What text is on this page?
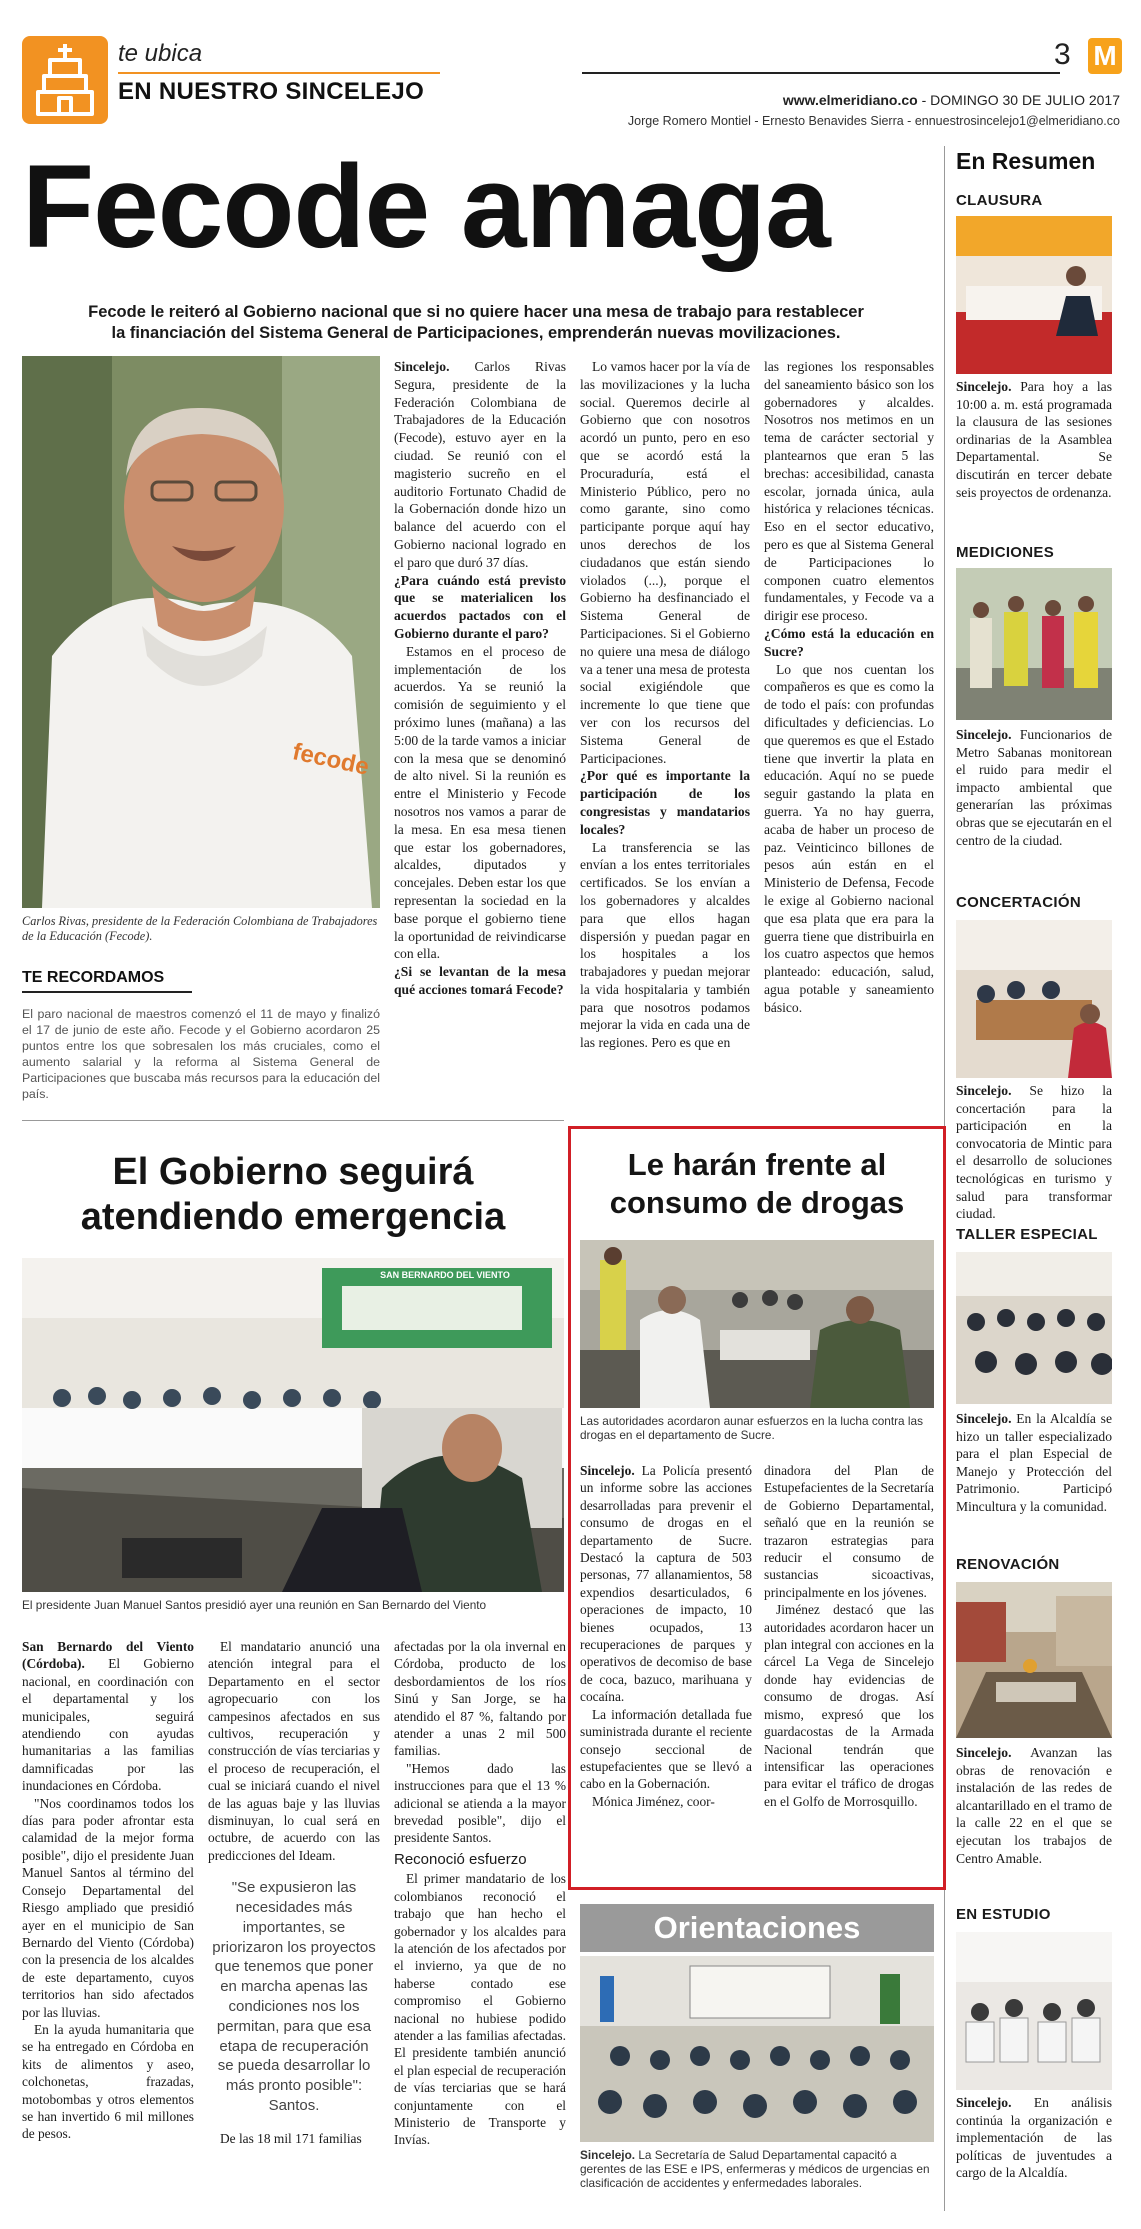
te ubica
EN NUESTRO SINCELEJO
3 M
www.elmeridiano.co - DOMINGO 30 DE JULIO 2017
Jorge Romero Montiel - Ernesto Benavides Sierra - ennuestrosincelejo1@elmeridiano.co
Fecode amaga
Fecode le reiteró al Gobierno nacional que si no quiere hacer una mesa de trabajo para restablecer
la financiación del Sistema General de Participaciones, emprenderán nuevas movilizaciones.
fecode
Carlos Rivas, presidente de la Federación Colombiana de Trabajadores de la Educación (Fecode).
TE RECORDAMOS
El paro nacional de maestros comenzó el 11 de mayo y finalizó el 17 de junio de este año. Fecode y el Gobierno acordaron 25 puntos entre los que sobresalen los más cruciales, como el aumento salarial y la reforma al Sistema General de Participaciones que buscaba más recursos para la educación del país.

Sincelejo. Carlos Rivas Segura, presidente de la Federación Colombiana de Trabajadores de la Educación (Fecode), estuvo ayer en la ciudad. Se reunió con el magisterio sucreño en el auditorio Fortunato Chadid de la Gobernación donde hizo un balance del acuerdo con el Gobierno nacional logrado en el paro que duró 37 días.

¿Para cuándo está previsto que se materialicen los acuerdos pactados con el Gobierno durante el paro?

Estamos en el proceso de implementación de los acuerdos. Ya se reunió la comisión de seguimiento y el próximo lunes (mañana) a las 5:00 de la tarde vamos a iniciar con la mesa que se denominó de alto nivel. Si la reunión es entre el Ministerio y Fecode nosotros nos vamos a parar de la mesa. En esa mesa tienen que estar los gobernadores, alcaldes, diputados y concejales. Deben estar los que representan la sociedad en la base porque el gobierno tiene la oportunidad de reivindicarse con ella.

¿Si se levantan de la mesa qué acciones tomará Fecode?

Lo vamos hacer por la vía de las movilizaciones y la lucha social. Queremos decirle al Gobierno que con nosotros acordó un punto, pero en eso que se acordó está la Procuraduría, está el Ministerio Público, pero no como garante, sino como participante porque aquí hay unos derechos de los ciudadanos que están siendo violados (...), porque el Gobierno ha desfinanciado el Sistema General de Participaciones. Si el Gobierno no quiere una mesa de diálogo va a tener una mesa de protesta social exigiéndole que incremente lo que tiene que ver con los recursos del Sistema General de Participaciones.

¿Por qué es importante la participación de los congresistas y mandatarios locales?

La transferencia se las envían a los entes territoriales certificados. Se los envían a los gobernadores y alcaldes para que ellos hagan dispersión y puedan pagar en los hospitales a los trabajadores y puedan mejorar la vida hospitalaria y también para que nosotros podamos mejorar la vida en cada una de las regiones. Pero es que en

las regiones los responsables del saneamiento básico son los gobernadores y alcaldes. Nosotros nos metimos en un tema de carácter sectorial y plantearnos que eran 5 las brechas: accesibilidad, canasta escolar, jornada única, aula histórica y relaciones técnicas. Eso en el sector educativo, pero es que al Sistema General de Participaciones lo componen cuatro elementos fundamentales, y Fecode va a dirigir ese proceso.

¿Cómo está la educación en Sucre?

Lo que nos cuentan los compañeros es que es como la de todo el país: con profundas dificultades y deficiencias. Lo que queremos es que el Estado tiene que invertir la plata en educación. Aquí no se puede seguir gastando la plata en guerra. Ya no hay guerra, acaba de haber un proceso de paz. Veinticinco billones de pesos aún están en el Ministerio de Defensa, Fecode le exige al Gobierno nacional que esa plata que era para la guerra tiene que distribuirla en los cuatro aspectos que hemos planteado: educación, salud, agua potable y saneamiento básico.

El Gobierno seguirá
atendiendo emergencia
SAN BERNARDO DEL VIENTO
El presidente Juan Manuel Santos presidió ayer una reunión en San Bernardo del Viento

San Bernardo del Viento (Córdoba). El Gobierno nacional, en coordinación con el departamental y los municipales, seguirá atendiendo con ayudas humanitarias a las familias damnificadas por las inundaciones en Córdoba.

"Nos coordinamos todos los días para poder afrontar esta calamidad de la mejor forma posible", dijo el presidente Juan Manuel Santos al término del Consejo Departamental del Riesgo ampliado que presidió ayer en el municipio de San Bernardo del Viento (Córdoba) con la presencia de los alcaldes de este departamento, cuyos territorios han sido afectados por las lluvias.

En la ayuda humanitaria que se ha entregado en Córdoba en kits de alimentos y aseo, colchonetas, frazadas, motobombas y otros elementos se han invertido 6 mil millones de pesos.

El mandatario anunció una atención integral para el Departamento en el sector agropecuario con los campesinos afectados en sus cultivos, recuperación y construcción de vías terciarias y el proceso de recuperación, el cual se iniciará cuando el nivel de las aguas baje y las lluvias disminuyan, lo cual será en octubre, de acuerdo con las predicciones del Ideam.

"Se expusieron las necesidades más importantes, se priorizaron los proyectos que tenemos que poner en marcha apenas las condiciones nos los permitan, para que esa etapa de recuperación se pueda desarrollar lo más pronto posible": Santos.

De las 18 mil 171 familias

afectadas por la ola invernal en Córdoba, producto de los desbordamientos de los ríos Sinú y San Jorge, se ha atendido el 87 %, faltando por atender a unas 2 mil 500 familias.

"Hemos dado las instrucciones para que el 13 % adicional se atienda a la mayor brevedad posible", dijo el presidente Santos.

Reconoció esfuerzo

El primer mandatario de los colombianos reconoció el trabajo que han hecho el gobernador y los alcaldes para la atención de los afectados por el invierno, ya que de no haberse contado ese compromiso el Gobierno nacional no hubiese podido atender a las familias afectadas. El presidente también anunció el plan especial de recuperación de vías terciarias que se hará conjuntamente con el Ministerio de Transporte y Invías.

Le harán frente al
consumo de drogas
Las autoridades acordaron aunar esfuerzos en la lucha contra las drogas en el departamento de Sucre.

Sincelejo. La Policía presentó un informe sobre las acciones desarrolladas para prevenir el consumo de drogas en el departamento de Sucre. Destacó la captura de 503 personas, 77 allanamientos, 58 expendios desarticulados, 6 operaciones de impacto, 10 bienes ocupados, 13 recuperaciones de parques y operativos de decomiso de base de coca, bazuco, marihuana y cocaína.

La información detallada fue suministrada durante el reciente consejo seccional de estupefacientes que se llevó a cabo en la Gobernación.

Mónica Jiménez, coor-

dinadora del Plan de Estupefacientes de la Secretaría de Gobierno Departamental, señaló que en la reunión se trazaron estrategias para reducir el consumo de sustancias sicoactivas, principalmente en los jóvenes.

Jiménez destacó que las autoridades acordaron hacer un plan integral con acciones en la cárcel La Vega de Sincelejo donde hay evidencias de consumo de drogas. Así mismo, expresó que los guardacostas de la Armada Nacional tendrán que intensificar las operaciones para evitar el tráfico de drogas en el Golfo de Morrosquillo.

Orientaciones
Sincelejo. La Secretaría de Salud Departamental capacitó a gerentes de las ESE e IPS, enfermeras y médicos de urgencias en clasificación de accidentes y enfermedades laborales.
En Resumen
CLAUSURA
Sincelejo. Para hoy a las 10:00 a. m. está programada la clausura de las sesiones ordinarias de la Asamblea Departamental. Se discutirán en tercer debate seis proyectos de ordenanza.
MEDICIONES
Sincelejo. Funcionarios de Metro Sabanas monitorean el ruido para medir el impacto ambiental que generarían las próximas obras que se ejecutarán en el centro de la ciudad.
CONCERTACIÓN
Sincelejo. Se hizo la concertación para la participación en la convocatoria de Mintic para el desarrollo de soluciones tecnológicas en turismo y salud para transformar ciudad.
TALLER ESPECIAL
Sincelejo. En la Alcaldía se hizo un taller especializado para el plan Especial de Manejo y Protección del Patrimonio. Participó Mincultura y la comunidad.
RENOVACIÓN
Sincelejo. Avanzan las obras de renovación e instalación de las redes de alcantarillado en el tramo de la calle 22 en el que se ejecutan los trabajos de Centro Amable.
EN ESTUDIO
Sincelejo. En análisis continúa la organización e implementación de las políticas de juventudes a cargo de la Alcaldía.
